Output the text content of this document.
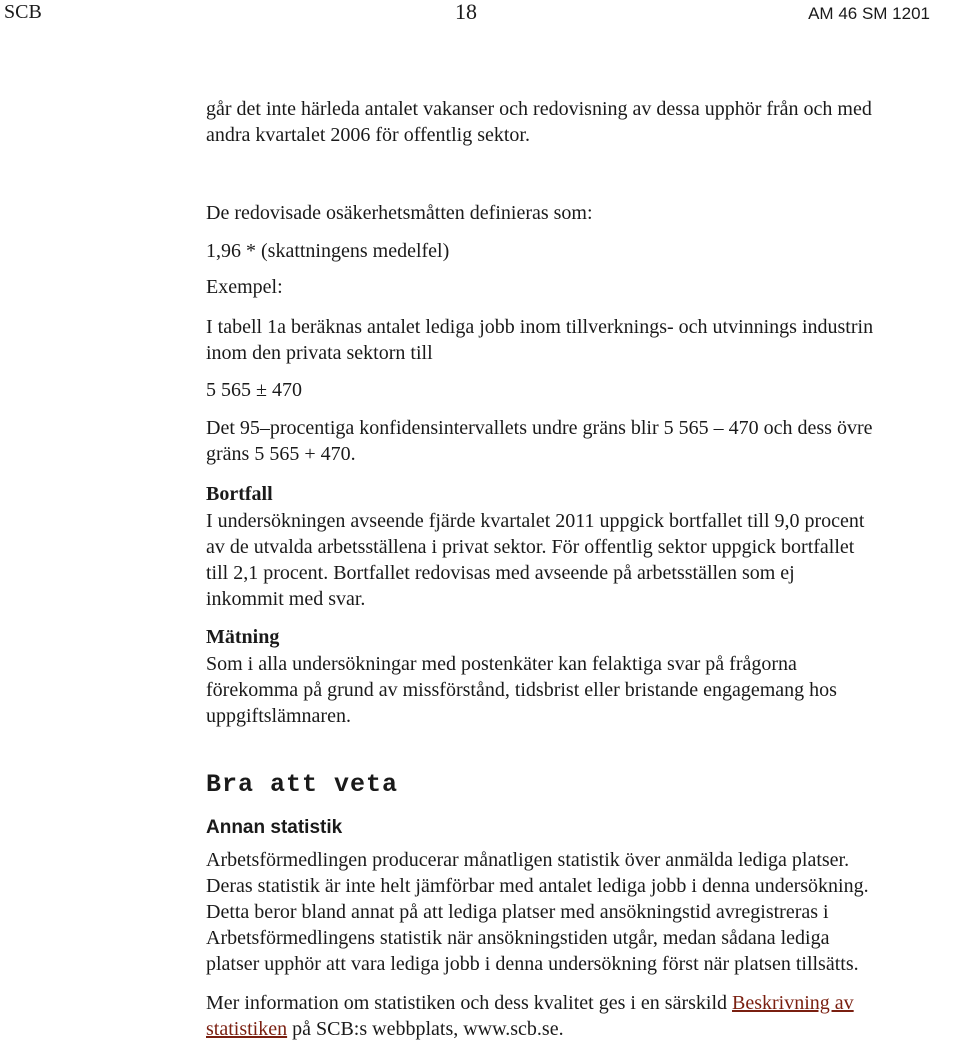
SCB	18	AM 46 SM 1201
går det inte härleda antalet vakanser och redovisning av dessa upphör från och med
andra kvartalet 2006 för offentlig sektor.
De redovisade osäkerhetsmåtten definieras som:
1,96 * (skattningens medelfel)
Exempel:
I tabell 1a beräknas antalet lediga jobb inom tillverknings- och utvinnings industrin
inom den privata sektorn till
5 565 ± 470
Det 95–procentiga konfidensintervallets undre gräns blir 5 565 – 470 och dess övre
gräns 5 565 + 470.
Bortfall
I undersökningen avseende fjärde kvartalet 2011 uppgick bortfallet till 9,0 procent
av de utvalda arbetsställena i privat sektor. För offentlig sektor uppgick bortfallet
till 2,1 procent. Bortfallet redovisas med avseende på arbetsställen som ej
inkommit med svar.
Mätning
Som i alla undersökningar med postenkäter kan felaktiga svar på frågorna
förekomma på grund av missförstånd, tidsbrist eller bristande engagemang hos
uppgiftslämnaren.
Bra att veta
Annan statistik
Arbetsförmedlingen producerar månatligen statistik över anmälda lediga platser.
Deras statistik är inte helt jämförbar med antalet lediga jobb i denna undersökning.
Detta beror bland annat på att lediga platser med ansökningstid avregistreras i
Arbetsförmedlingens statistik när ansökningstiden utgår, medan sådana lediga
platser upphör att vara lediga jobb i denna undersökning först när platsen tillsätts.
Mer information om statistiken och dess kvalitet ges i en särskild Beskrivning av
statistiken på SCB:s webbplats, www.scb.se.
